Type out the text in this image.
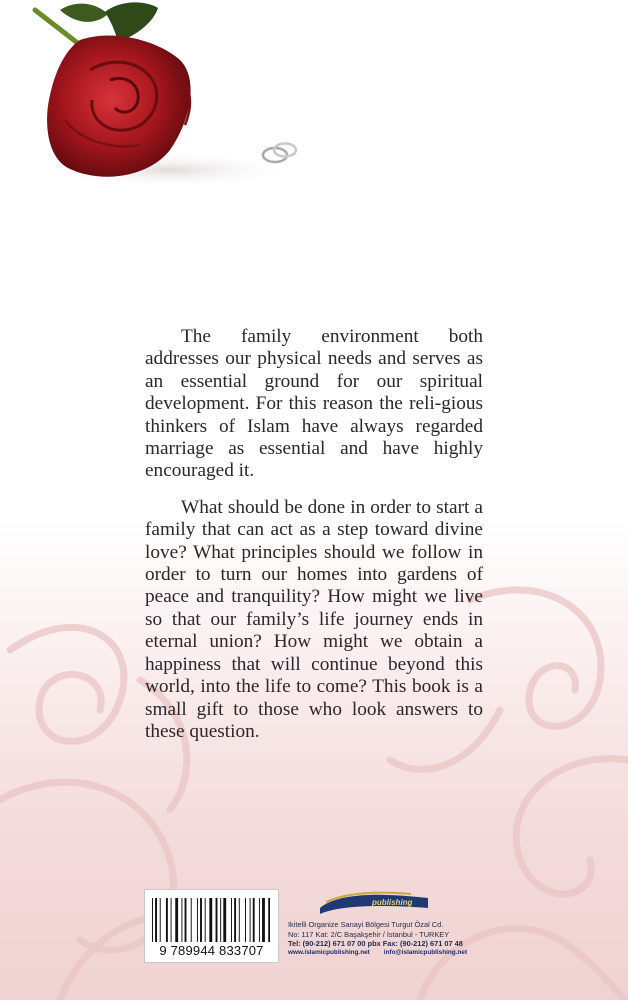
The family environment both addresses our physical needs and serves as an essential ground for our spiritual development. For this reason the reli-gious thinkers of Islam have always regarded marriage as essential and have highly encouraged it.

What should be done in order to start a family that can act as a step toward divine love? What principles should we follow in order to turn our homes into gardens of peace and tranquility? How might we live so that our family’s life journey ends in eternal union? How might we obtain a happiness that will continue beyond this world, into the life to come? This book is a small gift to those who look answers to these question.

9 789944 833707
publishing
Ikitelli Organize Sanayi Bölgesi Turgut Özal Cd.
No: 117 Kat: 2/C Başakşehir / İstanbul - TURKEY
Tel: (90-212) 671 07 00 pbx Fax: (90-212) 671 07 48
www.islamicpublishing.net info@islamicpublishing.net
